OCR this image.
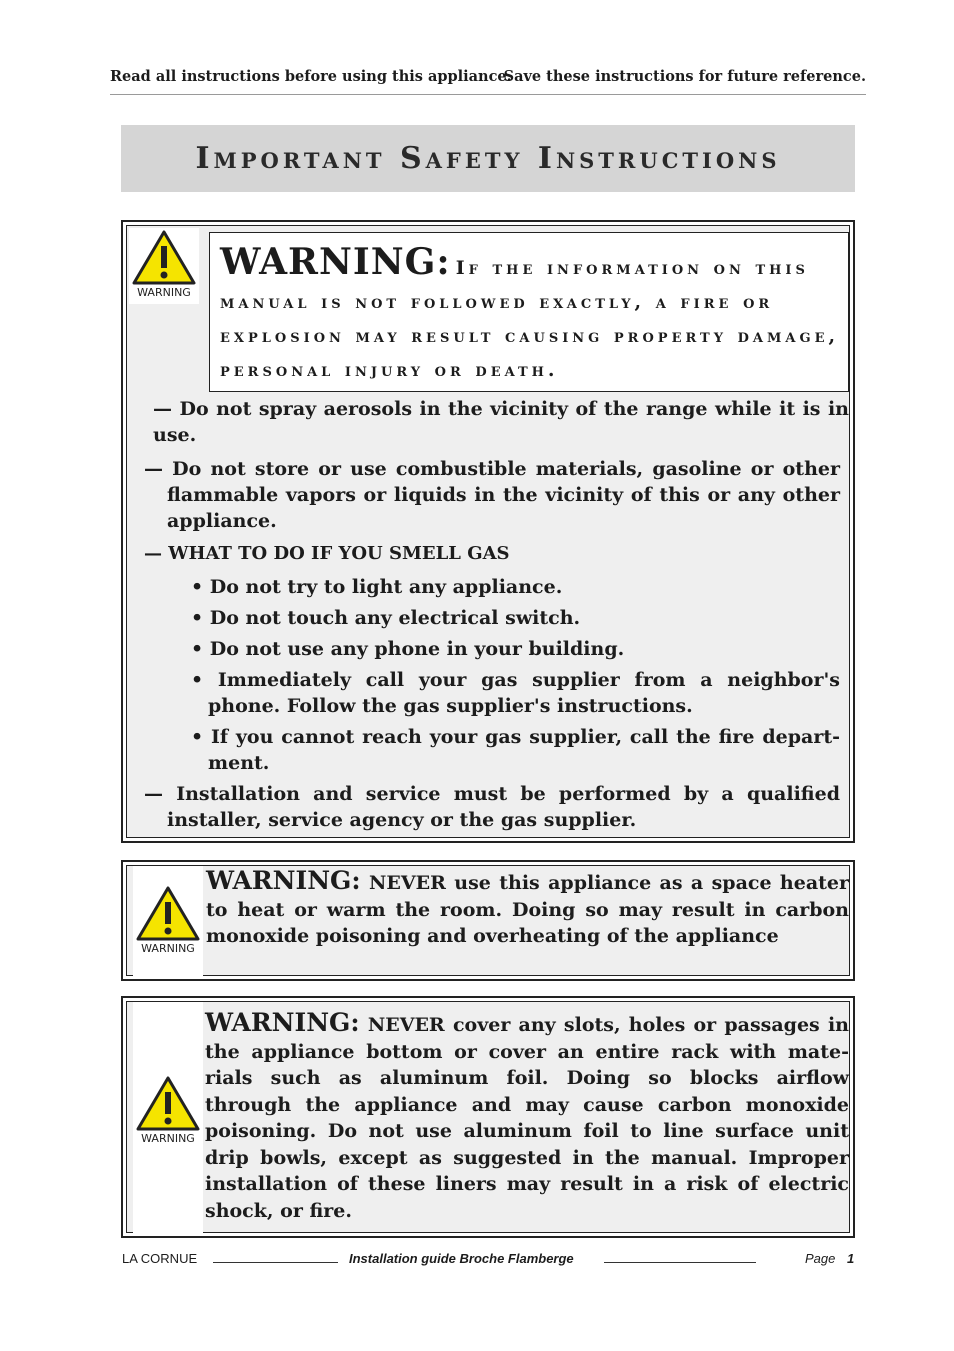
Read all instructions before using this appliance.
Save these instructions for future reference.
Important Safety Instructions
WARNING
WARNING: If the information on this manual is not followed exactly, a fire or explosion may result causing property damage, personal injury or death.
— Do not spray aerosols in the vicinity of the range while it is in use.
— Do not store or use combustible materials, gasoline or other flammable vapors or liquids in the vicinity of this or any other appliance.
— WHAT TO DO IF YOU SMELL GAS
• Do not try to light any appliance.
• Do not touch any electrical switch.
• Do not use any phone in your building.
• Immediately call your gas supplier from a neighbor's phone. Follow the gas supplier's instructions.
• If you cannot reach your gas supplier, call the fire depart- ment.
— Installation and service must be performed by a qualified installer, service agency or the gas supplier.
WARNING
WARNING: NEVER use this appliance as a space heater to heat or warm the room. Doing so may result in carbon monoxide poisoning and overheating of the appliance
WARNING
WARNING: NEVER cover any slots, holes or passages in the appliance bottom or cover an entire rack with mate- rials such as aluminum foil. Doing so blocks airflow through the appliance and may cause carbon monoxide poisoning. Do not use aluminum foil to line surface unit drip bowls, except as suggested in the manual. Improper installation of these liners may result in a risk of electric shock, or fire.
LA CORNUE	Installation guide Broche Flamberge	Page 1
